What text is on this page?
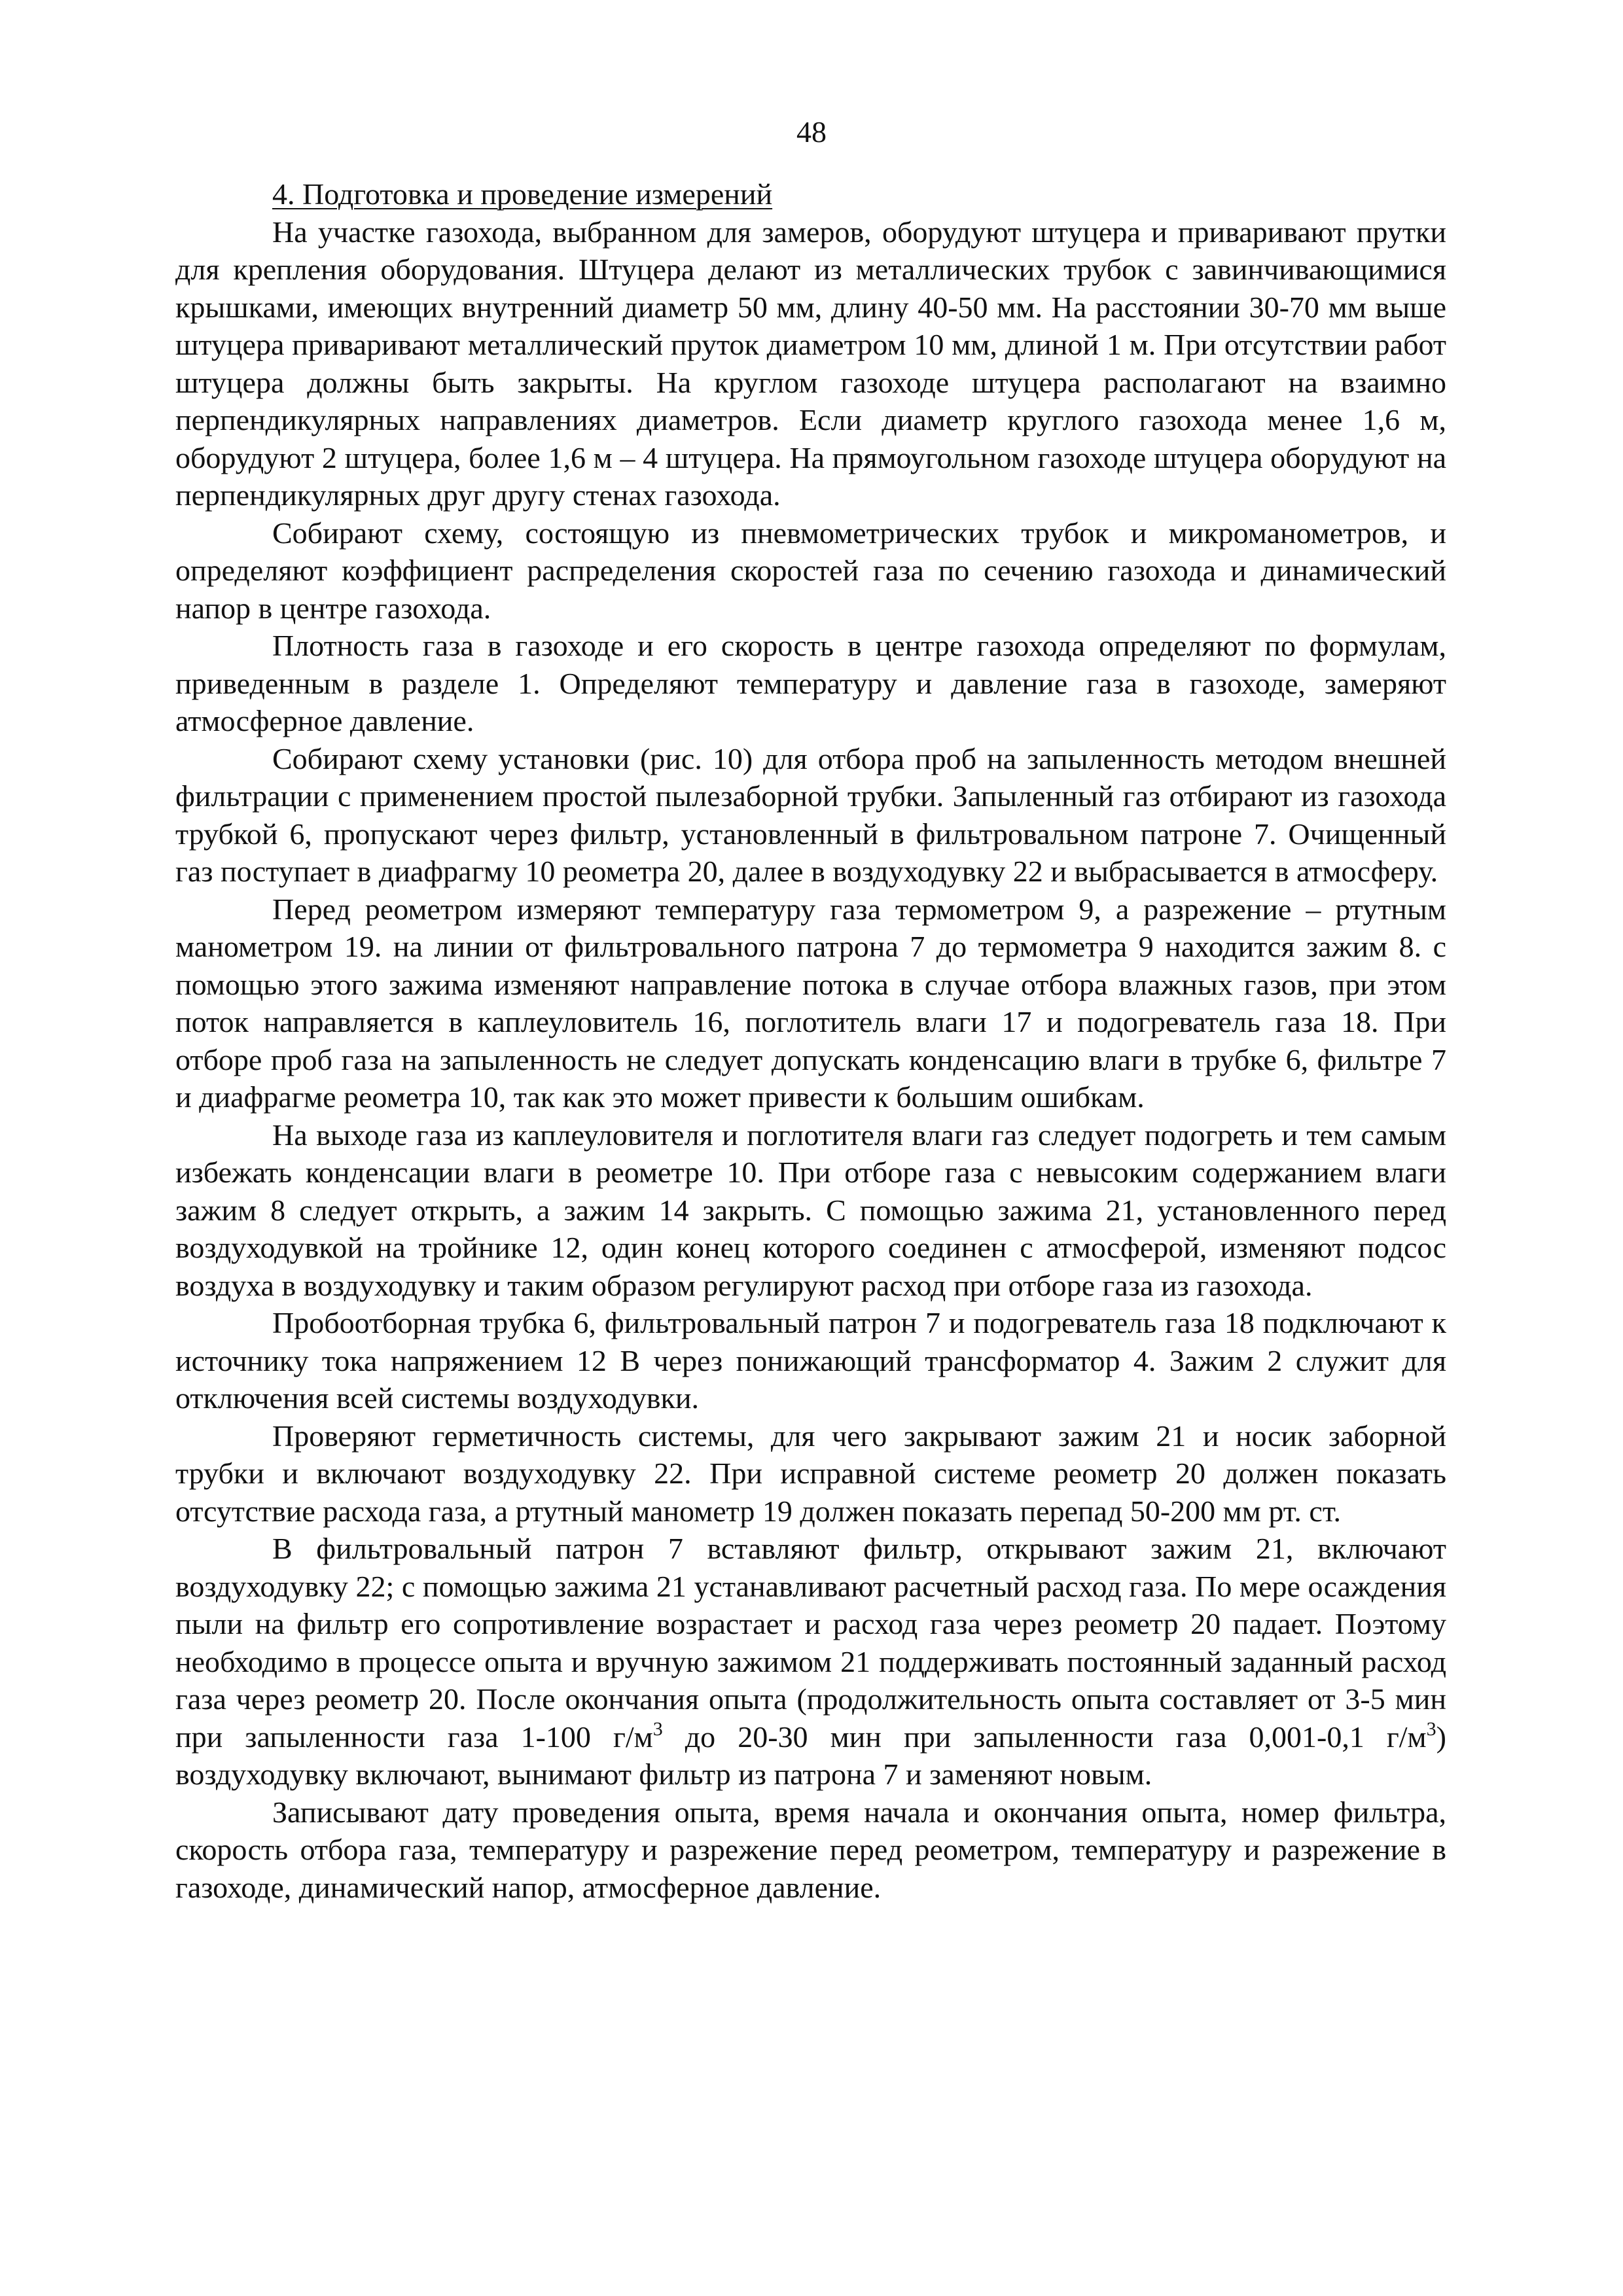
48
4. Подготовка и проведение измерений

На участке газохода, выбранном для замеров, оборудуют штуцера и приваривают прутки для крепления оборудования. Штуцера делают из металлических трубок с завинчивающимися крышками, имеющих внутренний диаметр 50 мм, длину 40-50 мм. На расстоянии 30-70 мм выше штуцера приваривают металлический пруток диаметром 10 мм, длиной 1 м. При отсутствии работ штуцера должны быть закрыты. На круглом газоходе штуцера располагают на взаимно перпендикулярных направлениях диаметров. Если диаметр круглого газохода менее 1,6 м, оборудуют 2 штуцера, более 1,6 м – 4 штуцера. На прямоугольном газоходе штуцера оборудуют на перпендикулярных друг другу стенах газохода.

Собирают схему, состоящую из пневмометрических трубок и микроманометров, и определяют коэффициент распределения скоростей газа по сечению газохода и динамический напор в центре газохода.

Плотность газа в газоходе и его скорость в центре газохода определяют по формулам, приведенным в разделе 1. Определяют температуру и давление газа в газоходе, замеряют атмосферное давление.

Собирают схему установки (рис. 10) для отбора проб на запыленность методом внешней фильтрации с применением простой пылезаборной трубки. Запыленный газ отбирают из газохода трубкой 6, пропускают через фильтр, установленный в фильтровальном патроне 7. Очищенный газ поступает в диафрагму 10 реометра 20, далее в воздуходувку 22 и выбрасывается в атмосферу.

Перед реометром измеряют температуру газа термометром 9, а разрежение – ртутным манометром 19. на линии от фильтровального патрона 7 до термометра 9 находится зажим 8. с помощью этого зажима изменяют направление потока в случае отбора влажных газов, при этом поток направляется в каплеуловитель 16, поглотитель влаги 17 и подогреватель газа 18. При отборе проб газа на запыленность не следует допускать конденсацию влаги в трубке 6, фильтре 7 и диафрагме реометра 10, так как это может привести к большим ошибкам.

На выходе газа из каплеуловителя и поглотителя влаги газ следует подогреть и тем самым избежать конденсации влаги в реометре 10. При отборе газа с невысоким содержанием влаги зажим 8 следует открыть, а зажим 14 закрыть. С помощью зажима 21, установленного перед воздуходувкой на тройнике 12, один конец которого соединен с атмосферой, изменяют подсос воздуха в воздуходувку и таким образом регулируют расход при отборе газа из газохода.

Пробоотборная трубка 6, фильтровальный патрон 7 и подогреватель газа 18 подключают к источнику тока напряжением 12 В через понижающий трансформатор 4. Зажим 2 служит для отключения всей системы воздуходувки.

Проверяют герметичность системы, для чего закрывают зажим 21 и носик заборной трубки и включают воздуходувку 22. При исправной системе реометр 20 должен показать отсутствие расхода газа, а ртутный манометр 19 должен показать перепад 50-200 мм рт. ст.

В фильтровальный патрон 7 вставляют фильтр, открывают зажим 21, включают воздуходувку 22; с помощью зажима 21 устанавливают расчетный расход газа. По мере осаждения пыли на фильтр его сопротивление возрастает и расход газа через реометр 20 падает. Поэтому необходимо в процессе опыта и вручную зажимом 21 поддерживать постоянный заданный расход газа через реометр 20. После окончания опыта (продолжительность опыта составляет от 3-5 мин при запыленности газа 1-100 $г/м^3$ до 20-30 мин при запыленности газа 0,001-0,1 $г/м^3$) воздуходувку включают, вынимают фильтр из патрона 7 и заменяют новым.

Записывают дату проведения опыта, время начала и окончания опыта, номер фильтра, скорость отбора газа, температуру и разрежение перед реометром, температуру и разрежение в газоходе, динамический напор, атмосферное давление.
